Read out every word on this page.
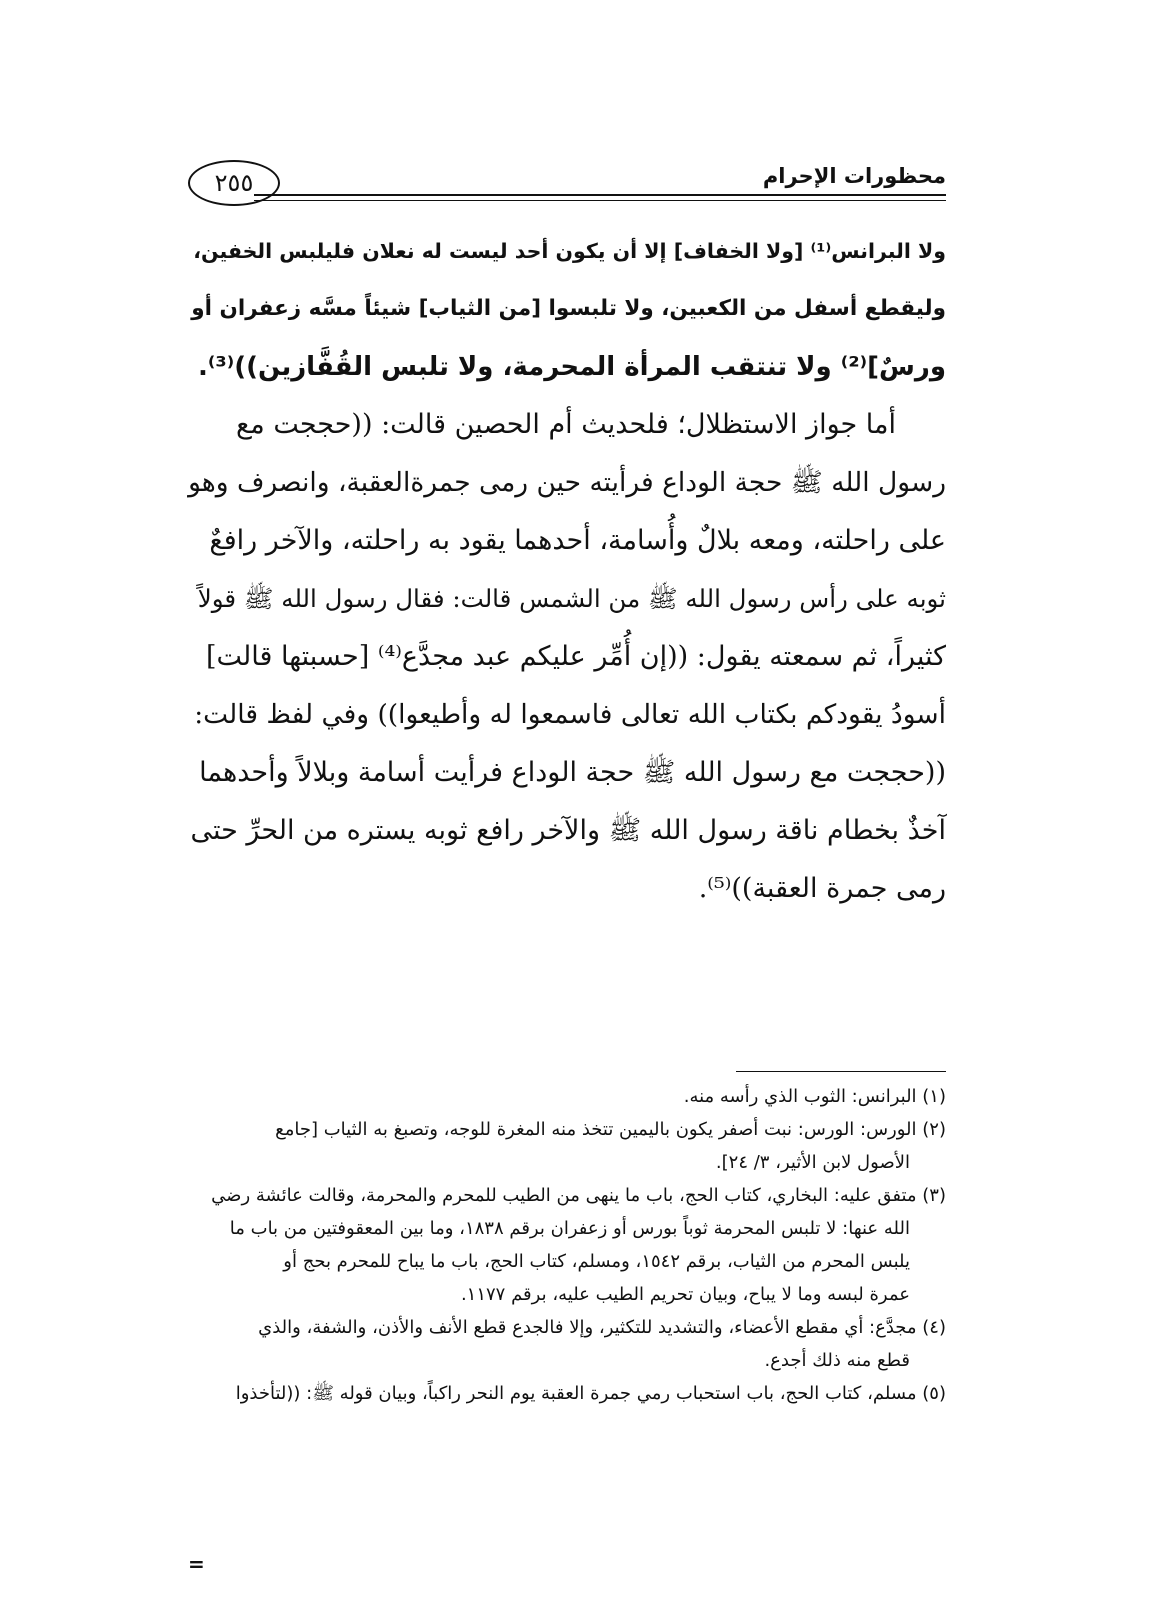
٢٥٥	محظورات الإحرام
ولا البرانس⁽¹⁾ [ولا الخفاف] إلا أن يكون أحد ليست له نعلان فليلبس الخفين،
وليقطع أسفل من الكعبين، ولا تلبسوا [من الثياب] شيئاً مسَّه زعفران أو
ورسٌ]⁽²⁾ ولا تنتقب المرأة المحرمة، ولا تلبس القُفَّازين))⁽³⁾.
أما جواز الاستظلال؛ فلحديث أم الحصين قالت: ((حججت مع
رسول الله ﷺ حجة الوداع فرأيته حين رمى جمرةالعقبة، وانصرف وهو
على راحلته، ومعه بلالٌ وأُسامة، أحدهما يقود به راحلته، والآخر رافعٌ
ثوبه على رأس رسول الله ﷺ من الشمس قالت: فقال رسول الله ﷺ قولاً
كثيراً، ثم سمعته يقول: ((إن أُمِّر عليكم عبد مجدَّع⁽⁴⁾ [حسبتها قالت]
أسودُ يقودكم بكتاب الله تعالى فاسمعوا له وأطيعوا)) وفي لفظ قالت:
((حججت مع رسول الله ﷺ حجة الوداع فرأيت أسامة وبلالاً وأحدهما
آخذٌ بخطام ناقة رسول الله ﷺ والآخر رافع ثوبه يستره من الحرِّ حتى
رمى جمرة العقبة))⁽⁵⁾.
(١) البرانس: الثوب الذي رأسه منه.
(٢) الورس: الورس: نبت أصفر يكون باليمين تتخذ منه المغرة للوجه، وتصبغ به الثياب [جامع
الأصول لابن الأثير، ٣/ ٢٤].
(٣) متفق عليه: البخاري، كتاب الحج، باب ما ينهى من الطيب للمحرم والمحرمة، وقالت عائشة رضي
الله عنها: لا تلبس المحرمة ثوباً بورس أو زعفران برقم ١٨٣٨، وما بين المعقوفتين من باب ما
يلبس المحرم من الثياب، برقم ١٥٤٢، ومسلم، كتاب الحج، باب ما يباح للمحرم بحج أو
عمرة لبسه وما لا يباح، وبيان تحريم الطيب عليه، برقم ١١٧٧.
(٤) مجدَّع: أي مقطع الأعضاء، والتشديد للتكثير، وإلا فالجدع قطع الأنف والأذن، والشفة، والذي
قطع منه ذلك أجدع.
(٥) مسلم، كتاب الحج، باب استحباب رمي جمرة العقبة يوم النحر راكباً، وبيان قوله ﷺ: ((لتأخذوا
=
